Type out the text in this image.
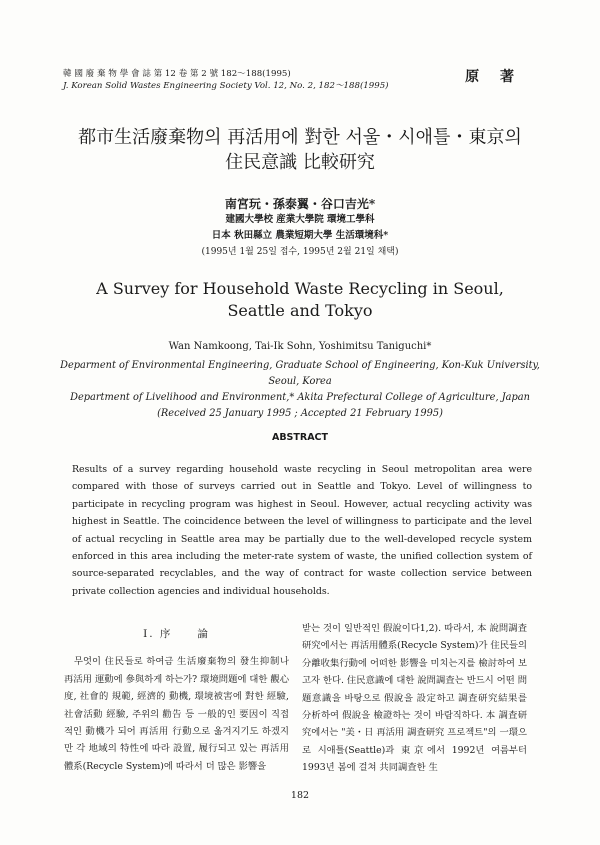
韓 國 廢 棄 物 學 會 誌 第 12 卷 第 2 號 182～188(1995)
J. Korean Solid Wastes Engineering Society Vol. 12, No. 2, 182～188(1995)
原 著
都市生活廢棄物의 再活用에 對한 서울・시애틀・東京의
住民意識 比較研究
南宮玩・孫泰翼・谷口吉光*
建國大學校 産業大學院 環境工學科
日本 秋田縣立 農業短期大學 生活環境科*
(1995년 1월 25일 접수, 1995년 2월 21일 채택)
A Survey for Household Waste Recycling in Seoul,
Seattle and Tokyo
Wan Namkoong, Tai-Ik Sohn, Yoshimitsu Taniguchi*
Deparment of Environmental Engineering, Graduate School of Engineering, Kon-Kuk University,
Seoul, Korea
Department of Livelihood and Environment,* Akita Prefectural College of Agriculture, Japan
(Received 25 January 1995 ; Accepted 21 February 1995)
ABSTRACT
Results of a survey regarding household waste recycling in Seoul metropolitan area were compared with those of surveys carried out in Seattle and Tokyo. Level of willingness to participate in recycling program was highest in Seoul. However, actual recycling activity was highest in Seattle. The coincidence between the level of willingness to participate and the level of actual recycling in Seattle area may be partially due to the well-developed recycle system enforced in this area including the meter-rate system of waste, the unified collection system of source-separated recyclables, and the way of contract for waste collection service between private collection agencies and individual households.
I. 序　　論

무엇이 住民들로 하여금 生活廢棄物의 發生抑制나 再活用 運動에 參與하게 하는가? 環境問題에 대한 觀心度, 社會的 規範, 經濟的 動機, 環境被害에 對한 經驗, 社會活動 經驗, 주위의 勸告 등 一般的인 要因이 직접적인 動機가 되어 再活用 行動으로 옮겨지기도 하겠지만 각 地域의 特性에 따라 設置, 履行되고 있는 再活用體系(Recycle System)에 따라서 더 많은 影響을

받는 것이 일반적인 假說이다1,2). 따라서, 本 說問調査研究에서는 再活用體系(Recycle System)가 住民들의 分離收集行動에 어떠한 影響을 미치는지를 檢討하여 보고자 한다. 住民意識에 대한 說問調査는 반드시 어떤 問題意識을 바탕으로 假說을 設定하고 調査研究結果를 分析하여 假說을 檢證하는 것이 바람직하다. 本 調査研究에서는 "美・日 再活用 調査研究 프로젝트"의 一環으로 시애틀(Seattle)과 東京에서 1992년 여름부터 1993년 봄에 걸쳐 共同調査한 生

182
